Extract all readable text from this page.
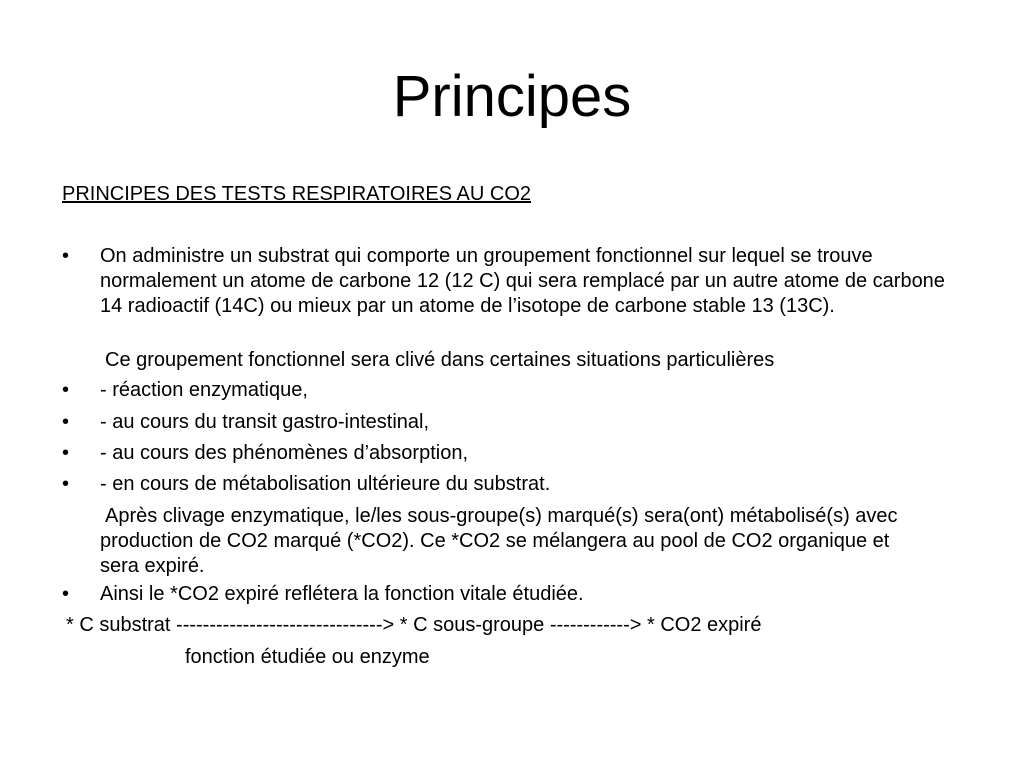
Principes
PRINCIPES DES TESTS RESPIRATOIRES AU CO2
•	On administre un substrat qui comporte un groupement fonctionnel sur lequel se trouve normalement un atome de carbone 12 (12 C) qui sera remplacé par un autre atome de carbone 14 radioactif (14C) ou mieux par un atome de l’isotope de carbone stable 13 (13C).
Ce groupement fonctionnel sera clivé dans certaines situations particulières
•	- réaction enzymatique,
•	- au cours du transit gastro-intestinal,
•	- au cours des phénomènes d’absorption,
•	- en cours de métabolisation ultérieure du substrat.
Après clivage enzymatique, le/les sous-groupe(s) marqué(s) sera(ont) métabolisé(s) avec production de CO2 marqué (*CO2). Ce *CO2 se mélangera au pool de CO2 organique et sera expiré.
•	Ainsi le *CO2 expiré reflétera la fonction vitale étudiée.
* C substrat -------------------------------> * C sous-groupe ------------> * CO2 expiré
fonction étudiée ou enzyme
